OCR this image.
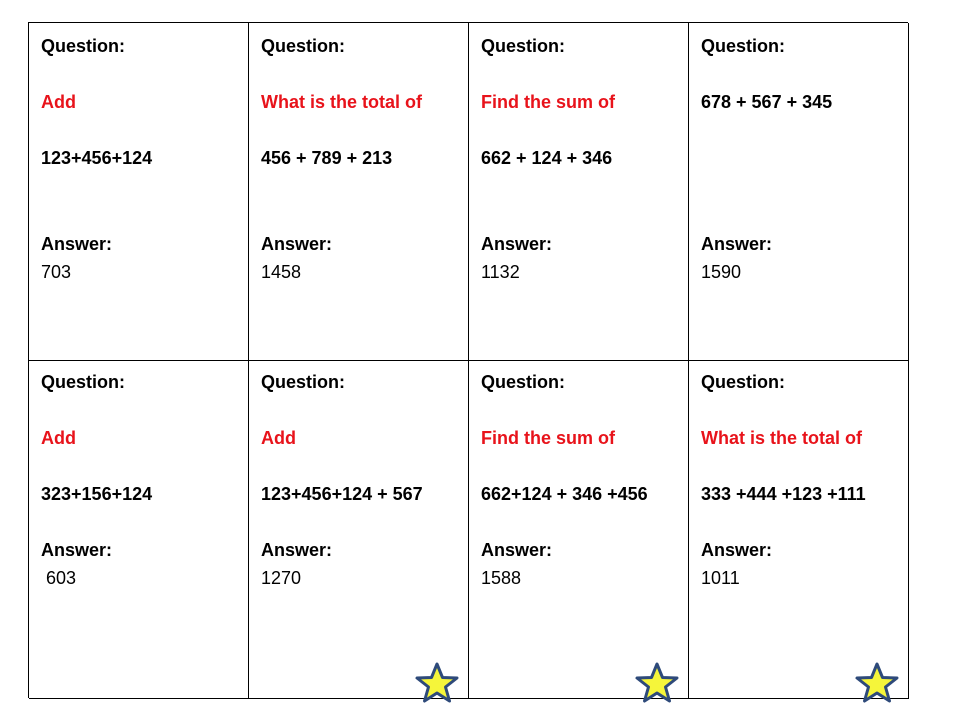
Question:
Add
123+456+124
Answer:
703
Question:
What is the total of
456 + 789 + 213
Answer:
1458
Question:
Find the sum of
662 + 124 + 346
Answer:
1132
Question:
678 + 567 + 345
Answer:
1590
Question:
Add
323+156+124
Answer:
603
Question:
Add
123+456+124 + 567
Answer:
1270
Question:
Find the sum of
662+124 + 346 +456
Answer:
1588
Question:
What is the total of
333 +444 +123 +111
Answer:
1011
